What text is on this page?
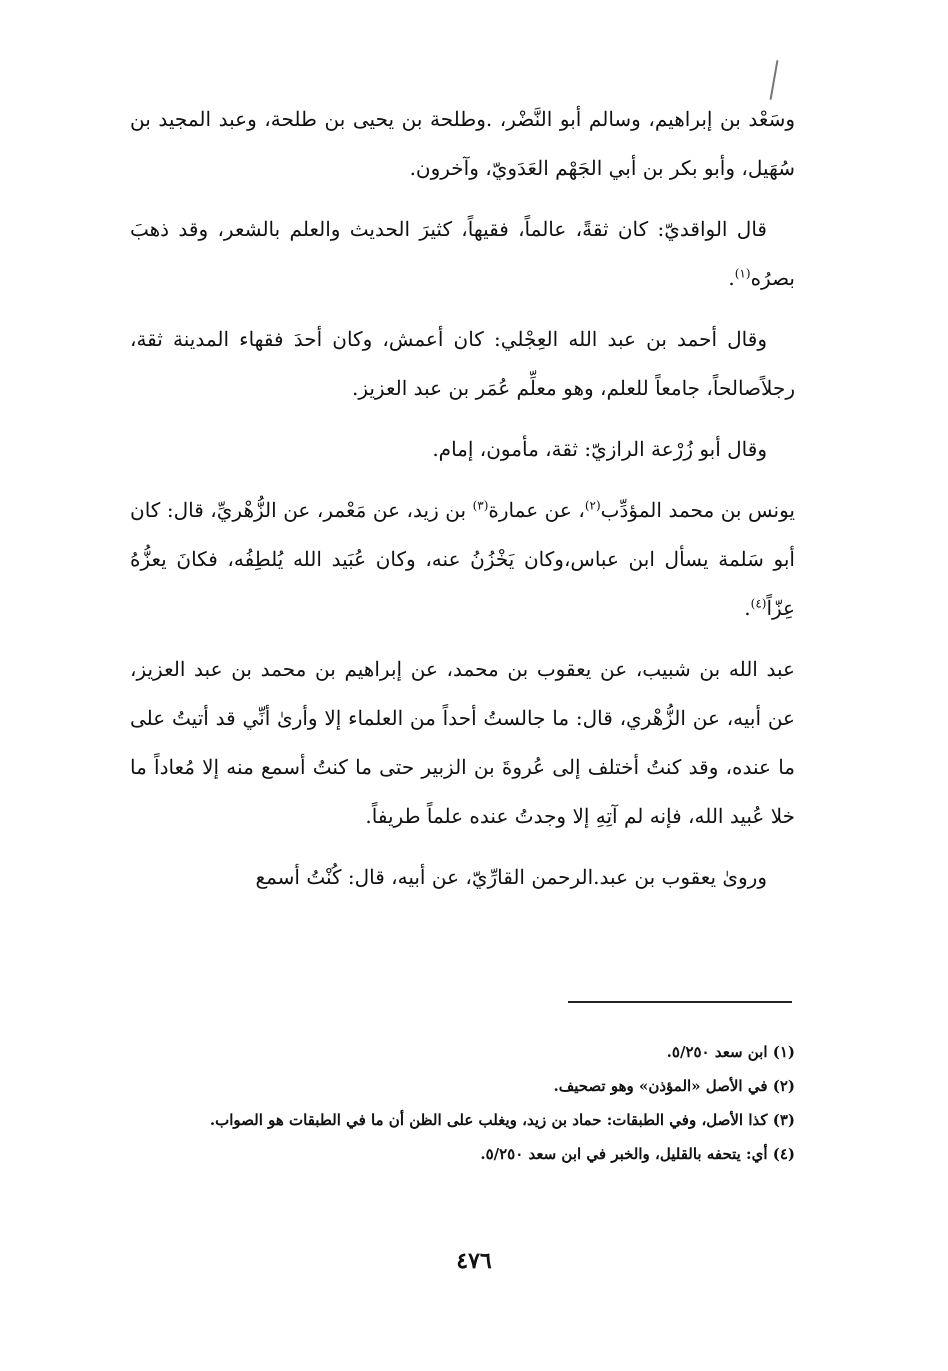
وسَعْد بن إبراهيم، وسالم أبو النَّضْر، .وطلحة بن يحيى بن طلحة، وعبد المجيد بن سُهَيل، وأبو بكر بن أبي الجَهْم العَدَويّ، وآخرون.

قال الواقديّ: كان ثقةً، عالماً، فقيهاً، كثيرَ الحديث والعلم بالشعر، وقد ذهبَ بصرُه$^{(١)}$.

وقال أحمد بن عبد الله العِجْلي: كان أعمش، وكان أحدَ فقهاء المدينة ثقة، رجلاًصالحاً، جامعاً للعلم، وهو معلِّم عُمَر بن عبد العزيز.

وقال أبو زُرْعة الرازيّ: ثقة، مأمون، إمام.

يونس بن محمد المؤدِّب$^{(٢)}$، عن عمارة$^{(٣)}$ بن زيد، عن مَعْمر، عن الزُّهْريِّ، قال: كان أبو سَلمة يسأل ابن عباس،وكان يَخْزُنُ عنه، وكان عُبَيد الله يُلطِفُه، فكانَ يعزُّهُ عِزّاً$^{(٤)}$.

عبد الله بن شبيب، عن يعقوب بن محمد، عن إبراهيم بن محمد بن عبد العزيز، عن أبيه، عن الزُّهْري، قال: ما جالستُ أحداً من العلماء إلا وأرىٰ أنِّي قد أتيتُ على ما عنده، وقد كنتُ أختلف إلى عُروةَ بن الزبير حتى ما كنتُ أسمع منه إلا مُعاداً ما خلا عُبيد الله، فإنه لم آتِهِ إلا وجدتُ عنده علماً طريفاً.

وروىٰ يعقوب بن عبد.الرحمن القارِّيّ، عن أبيه، قال: كُنْتُ أسمع

(١) ابن سعد ٥/٢٥٠.

(٢) في الأصل «المؤذن» وهو تصحيف.

(٣) كذا الأصل، وفي الطبقات: حماد بن زيد، ويغلب على الظن أن ما في الطبقات هو الصواب.

(٤) أي: يتحفه بالقليل، والخبر في ابن سعد ٥/٢٥٠.

٤٧٦
